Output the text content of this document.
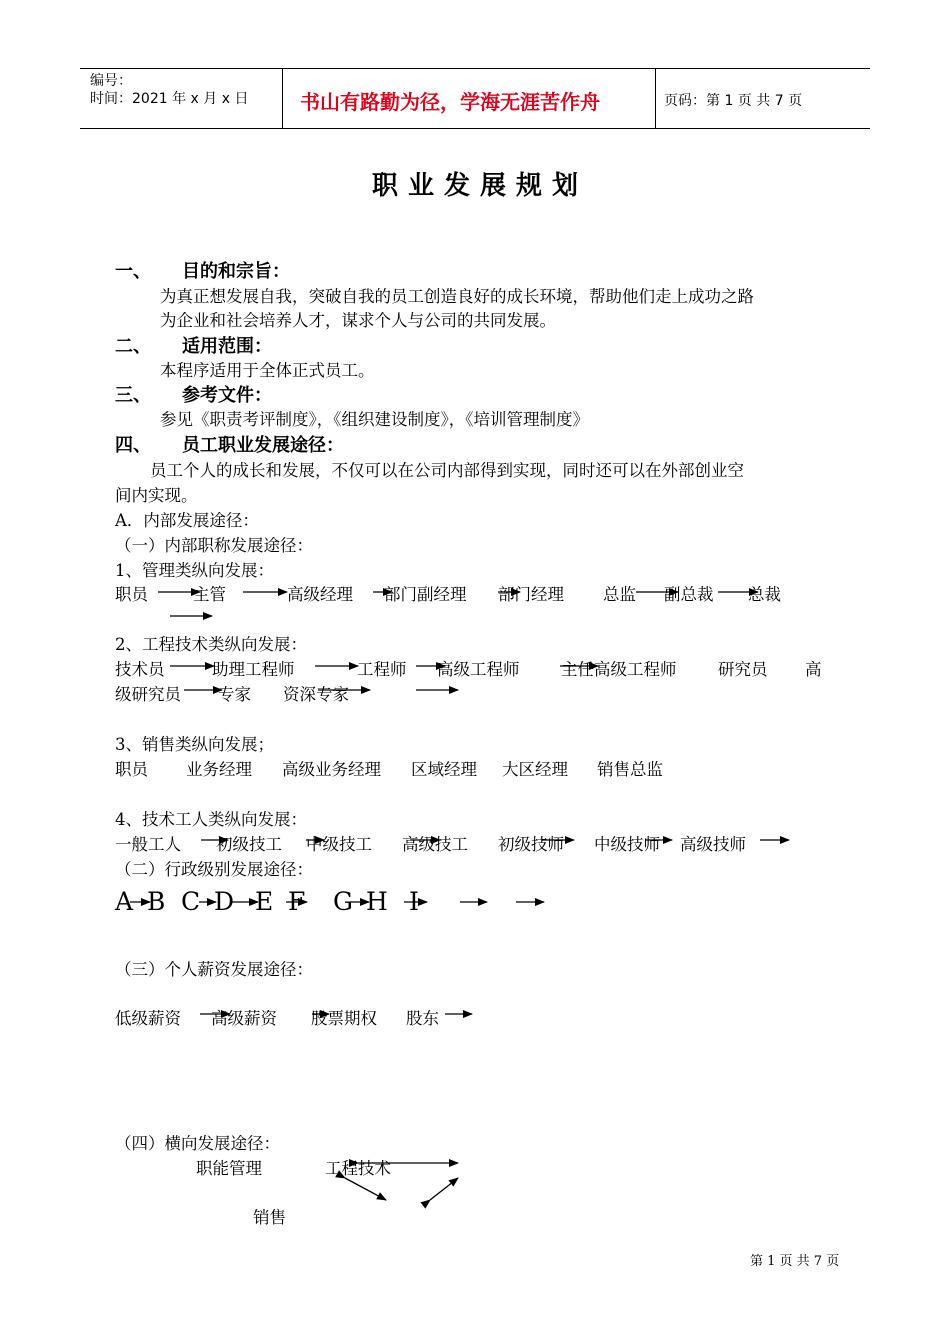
编号：
时间：2021 年 x 月 x 日	书山有路勤为径，学海无涯苦作舟	页码：第 1 页 共 7 页
职业发展规划
一、 目的和宗旨：
为真正想发展自我，突破自我的员工创造良好的成长环境，帮助他们走上成功之路
为企业和社会培养人才，谋求个人与公司的共同发展。
二、 适用范围：
本程序适用于全体正式员工。
三、 参考文件：
参见《职责考评制度》，《组织建设制度》，《培训管理制度》
四、 员工职业发展途径：
员工个人的成长和发展，不仅可以在公司内部得到实现，同时还可以在外部创业空
间内实现。
A．内部发展途径：
（一）内部职称发展途径：
1、管理类纵向发展：
职员	主管	高级经理 部门副经理 部门经理 总监 副总裁 总裁
2、工程技术类纵向发展：
技术员	助理工程师	工程师 高级工程师	主任高级工程师	研究员 高
级研究员 专家 资深专家
3、销售类纵向发展；
职员 业务经理 高级业务经理 区域经理 大区经理 销售总监
4、技术工人类纵向发展：
一般工人 初级技工 中级技工 高级技工 初级技师 中级技师 高级技师
（二）行政级别发展途径：
A B C D E F G H I
（三）个人薪资发展途径：
低级薪资 高级薪资 股票期权 股东
（四）横向发展途径：
职能管理	工程技术
销售
第 1 页 共 7 页
